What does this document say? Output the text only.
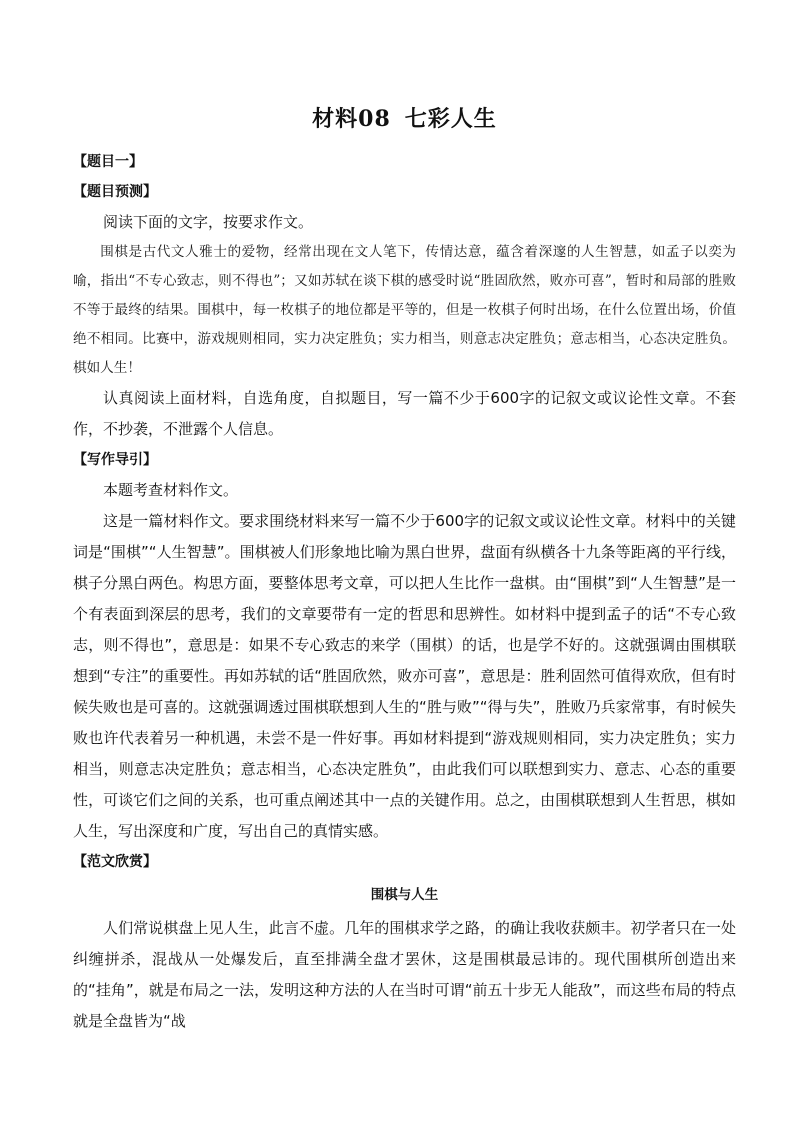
材料08 七彩人生

【题目一】

【题目预测】

阅读下面的文字，按要求作文。

围棋是古代文人雅士的爱物，经常出现在文人笔下，传情达意，蕴含着深邃的人生智慧，如孟子以奕为喻，指出“不专心致志，则不得也”；又如苏轼在谈下棋的感受时说“胜固欣然，败亦可喜”，暂时和局部的胜败不等于最终的结果。围棋中，每一枚棋子的地位都是平等的，但是一枚棋子何时出场，在什么位置出场，价值绝不相同。比赛中，游戏规则相同，实力决定胜负；实力相当，则意志决定胜负；意志相当，心态决定胜负。棋如人生！

认真阅读上面材料，自选角度，自拟题目，写一篇不少于600字的记叙文或议论性文章。不套作，不抄袭，不泄露个人信息。

【写作导引】

本题考查材料作文。

这是一篇材料作文。要求围绕材料来写一篇不少于600字的记叙文或议论性文章。材料中的关键词是“围棋”“人生智慧”。围棋被人们形象地比喻为黑白世界，盘面有纵横各十九条等距离的平行线，棋子分黑白两色。构思方面，要整体思考文章，可以把人生比作一盘棋。由“围棋”到“人生智慧”是一个有表面到深层的思考，我们的文章要带有一定的哲思和思辨性。如材料中提到孟子的话“不专心致志，则不得也”，意思是：如果不专心致志的来学（围棋）的话，也是学不好的。这就强调由围棋联想到“专注”的重要性。再如苏轼的话“胜固欣然，败亦可喜”，意思是：胜利固然可值得欢欣，但有时候失败也是可喜的。这就强调透过围棋联想到人生的“胜与败”“得与失”，胜败乃兵家常事，有时候失败也许代表着另一种机遇，未尝不是一件好事。再如材料提到“游戏规则相同，实力决定胜负；实力相当，则意志决定胜负；意志相当，心态决定胜负”，由此我们可以联想到实力、意志、心态的重要性，可谈它们之间的关系，也可重点阐述其中一点的关键作用。总之，由围棋联想到人生哲思，棋如人生，写出深度和广度，写出自己的真情实感。

【范文欣赏】

围棋与人生

人们常说棋盘上见人生，此言不虚。几年的围棋求学之路，的确让我收获颇丰。初学者只在一处纠缠拼杀，混战从一处爆发后，直至排满全盘才罢休，这是围棋最忌讳的。现代围棋所创造出来的“挂角”，就是布局之一法，发明这种方法的人在当时可谓“前五十步无人能敌”，而这些布局的特点就是全盘皆为“战
